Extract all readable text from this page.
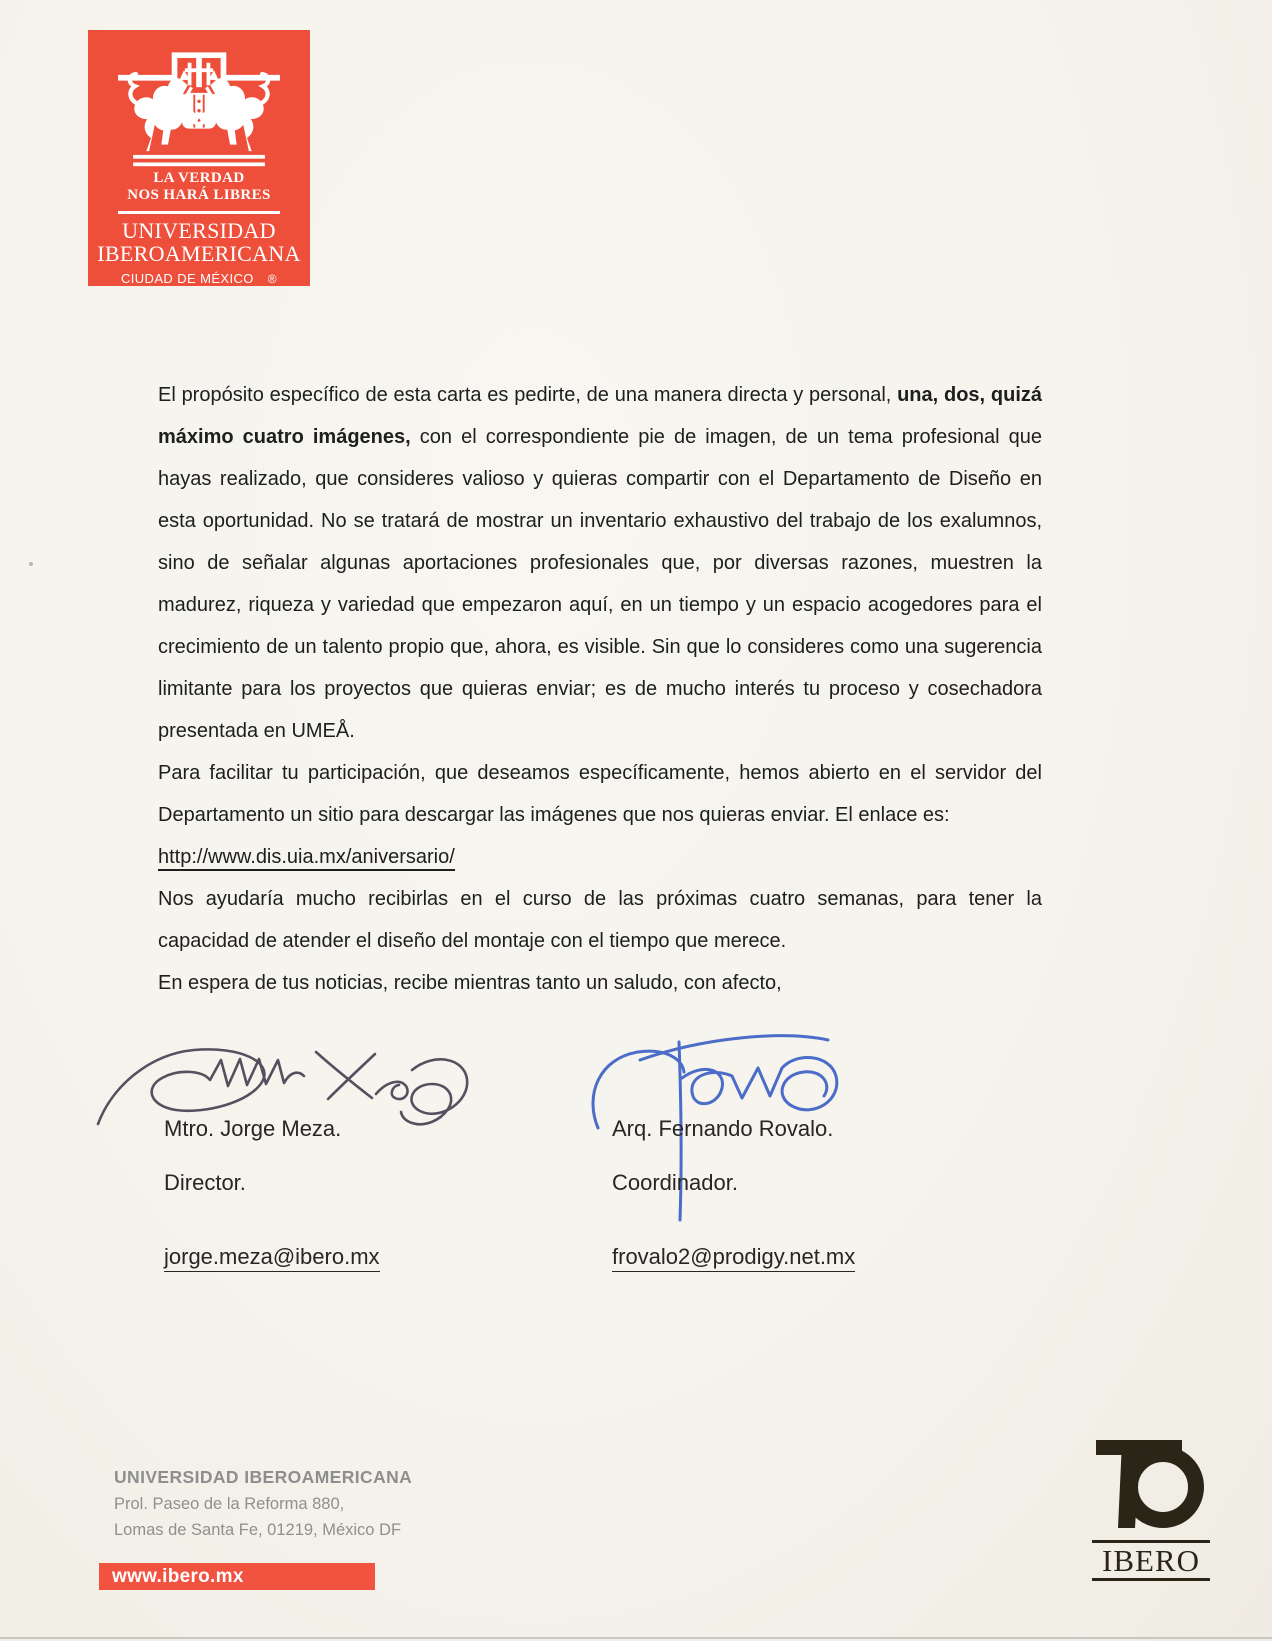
LA VERDAD
NOS HARÁ LIBRES
UNIVERSIDAD
IBEROAMERICANA
CIUDAD DE MÉXICO ®

El propósito específico de esta carta es pedirte, de una manera directa y personal, una, dos, quizá máximo cuatro imágenes, con el correspondiente pie de imagen, de un tema profesional que hayas realizado, que consideres valioso y quieras compartir con el Departamento de Diseño en esta oportunidad. No se tratará de mostrar un inventario exhaustivo del trabajo de los exalumnos, sino de señalar algunas aportaciones profesionales que, por diversas razones, muestren la madurez, riqueza y variedad que empezaron aquí, en un tiempo y un espacio acogedores para el crecimiento de un talento propio que, ahora, es visible. Sin que lo consideres como una sugerencia limitante para los proyectos que quieras enviar; es de mucho interés tu proceso y cosechadora presentada en UMEÅ.

Para facilitar tu participación, que deseamos específicamente, hemos abierto en el servidor del Departamento un sitio para descargar las imágenes que nos quieras enviar. El enlace es:

http://www.dis.uia.mx/aniversario/

Nos ayudaría mucho recibirlas en el curso de las próximas cuatro semanas, para tener la capacidad de atender el diseño del montaje con el tiempo que merece.

En espera de tus noticias, recibe mientras tanto un saludo, con afecto,

Mtro. Jorge Meza.
Director.
jorge.meza@ibero.mx
Arq. Fernando Rovalo.
Coordinador.
frovalo2@prodigy.net.mx
UNIVERSIDAD IBEROAMERICANA
Prol. Paseo de la Reforma 880,
Lomas de Santa Fe, 01219, México DF
www.ibero.mx	IBERO
